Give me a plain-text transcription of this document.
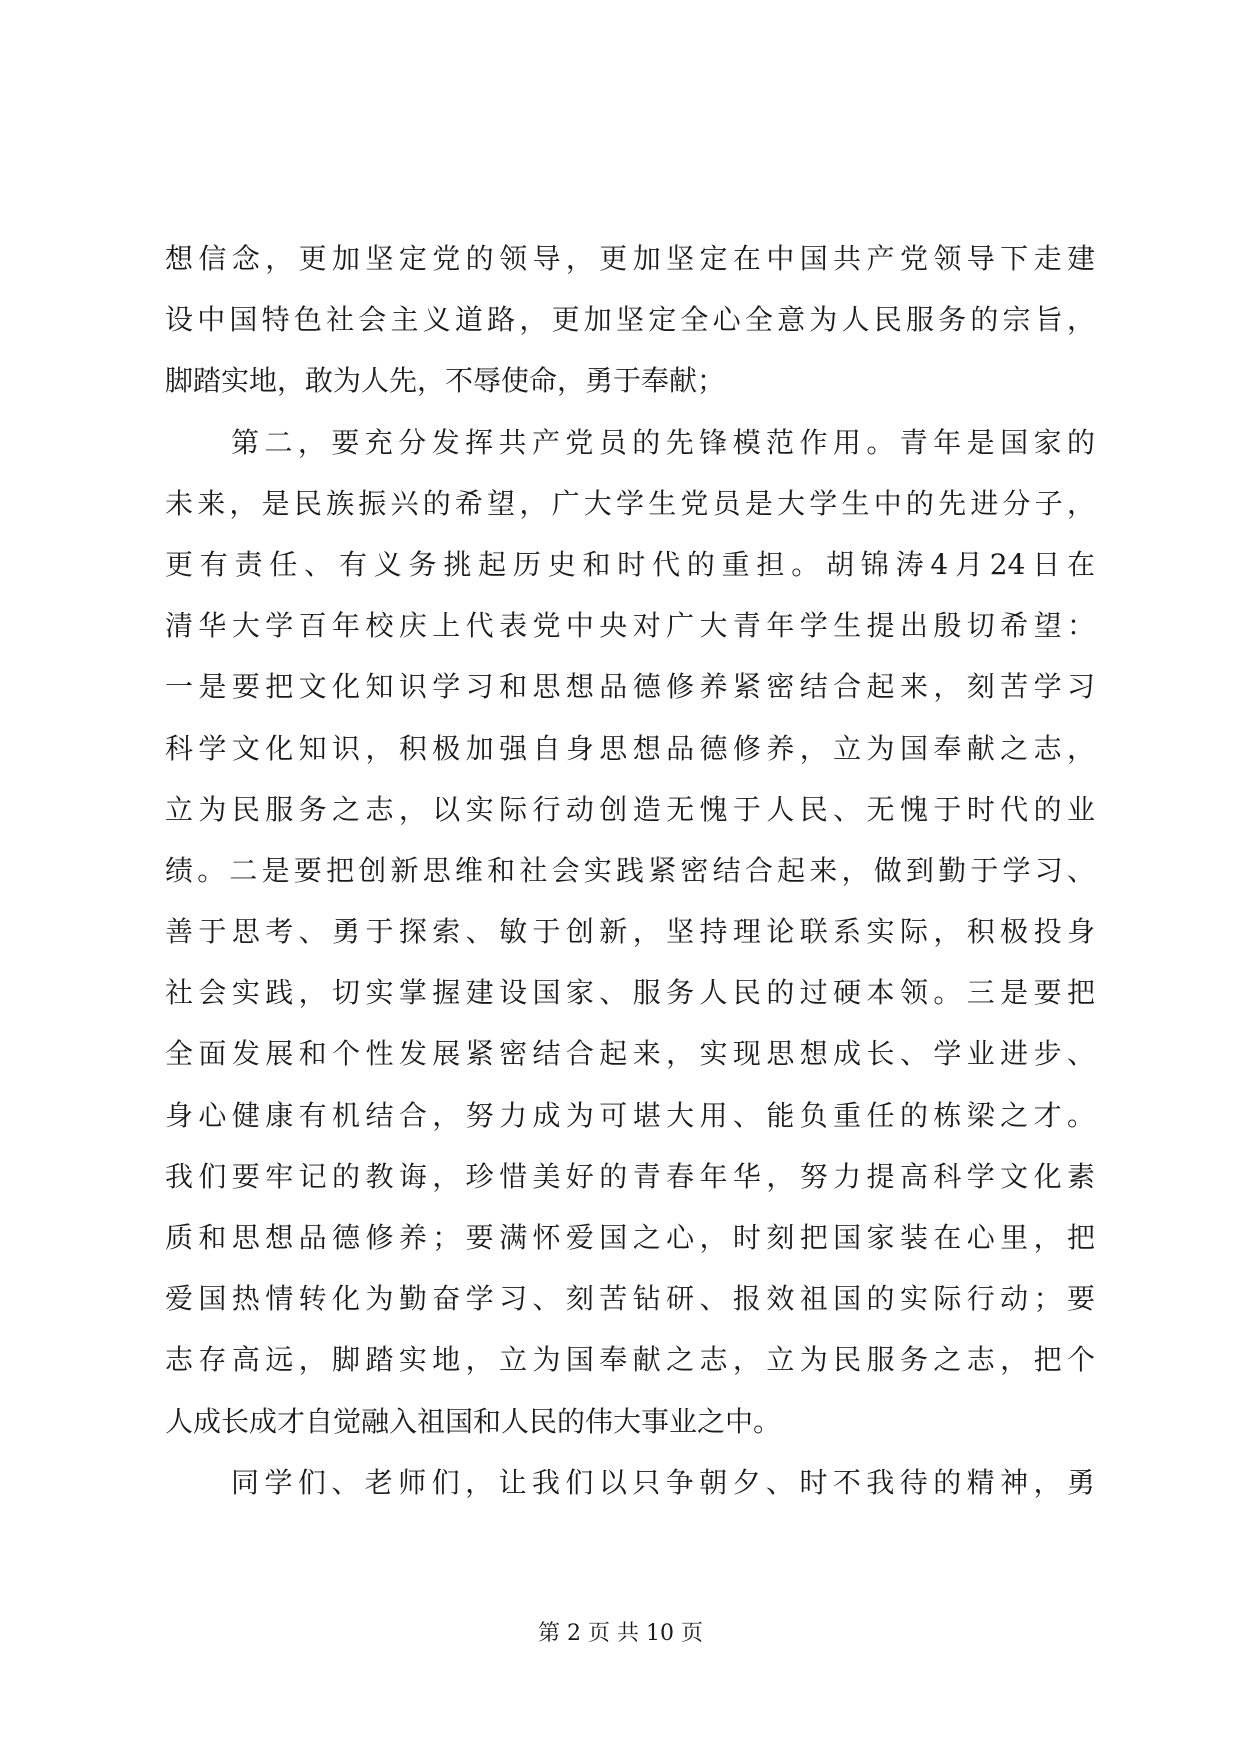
想信念，更加坚定党的领导，更加坚定在中国共产党领导下走建
设中国特色社会主义道路，更加坚定全心全意为人民服务的宗旨，
脚踏实地，敢为人先，不辱使命，勇于奉献；
第二，要充分发挥共产党员的先锋模范作用。青年是国家的
未来，是民族振兴的希望，广大学生党员是大学生中的先进分子，
更有责任、有义务挑起历史和时代的重担。胡锦涛4月24日在
清华大学百年校庆上代表党中央对广大青年学生提出殷切希望：
一是要把文化知识学习和思想品德修养紧密结合起来，刻苦学习
科学文化知识，积极加强自身思想品德修养，立为国奉献之志，
立为民服务之志，以实际行动创造无愧于人民、无愧于时代的业
绩。二是要把创新思维和社会实践紧密结合起来，做到勤于学习、
善于思考、勇于探索、敏于创新，坚持理论联系实际，积极投身
社会实践，切实掌握建设国家、服务人民的过硬本领。三是要把
全面发展和个性发展紧密结合起来，实现思想成长、学业进步、
身心健康有机结合，努力成为可堪大用、能负重任的栋梁之才。
我们要牢记的教诲，珍惜美好的青春年华，努力提高科学文化素
质和思想品德修养；要满怀爱国之心，时刻把国家装在心里，把
爱国热情转化为勤奋学习、刻苦钻研、报效祖国的实际行动；要
志存高远，脚踏实地，立为国奉献之志，立为民服务之志，把个
人成长成才自觉融入祖国和人民的伟大事业之中。
同学们、老师们，让我们以只争朝夕、时不我待的精神，勇
第 2 页 共 10 页
